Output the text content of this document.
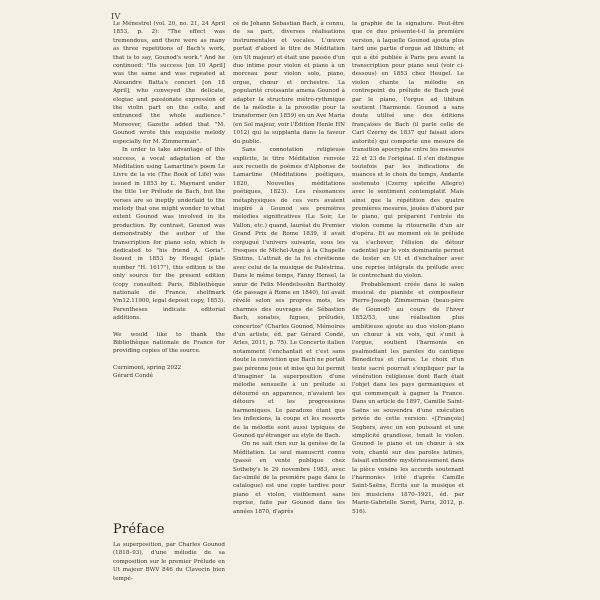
IV

Le Ménestrel (vol. 20, no. 21, 24 April 1853, p. 2): "The effect was tremendous, and there were as many as three repetitions of Bach's work, that is to say, Gounod's work." And he continued: "Its success [on 10 April] was the same and was repeated at Alexandre Batta's concert [on 18 April], who conveyed the delicate, elegiac and passionate expression of the violin part on the cello, and entranced the whole audience." Moreover, Gazette added that "M. Gounod wrote this exquisite melody especially for M. Zimmerman".

In order to take advantage of this success, a vocal adaptation of the Méditation using Lamartine's poem Le Livre de la vie (The Book of Life) was issued in 1853 by L. Maynard under the title 1er Prélude de Bach, but the verses are so ineptly underlaid to the melody that one might wonder to what extent Gounod was involved in its production. By contrast, Gounod was demonstrably the author of the transcription for piano solo, which is dedicated to "his friend A. Goria". Issued in 1853 by Heugel (plate number "H. 1617"), this edition is the only source for the present edition (copy consulted: Paris, Bibliothèque nationale de France, shelfmark Vm12.11900, legal deposit copy, 1853). Parentheses indicate editorial additions.

We would like to thank the Bibliothèque nationale de France for providing copies of the source.

Curnimont, spring 2022

Gérard Condé

cé de Johann Sebastian Bach, à connu, de sa part, diverses réalisations instrumentales et vocales. L'œuvre portait d'abord le titre de Méditation (en Ut majeur) et était une passée d'un duo intime pour violon et piano à un morceau pour violon solo, piano, orgue, chœur et orchestre. La popularité croissante amena Gounod à adapter la structure métro-rythmique de la mélodie à la prosodie pour la transformer (en 1859) en un Ave Maria (en Sol majeur, voir l'Édition Henle HN 1012) qui la supplanta dans la faveur du public.

Sans connotation religieuse explicite, le titre Méditation renvoie aux recueils de poèmes d'Alphonse de Lamartine (Méditations poétiques, 1820, Nouvelles méditations poétiques, 1823). Les résonances métaphysiques de ces vers avaient inspiré à Gounod ses premières mélodies significatives (Le Soir, Le Vallon, etc.) quand, lauréat du Premier Grand Prix de Rome 1839, il avait conjugué l'univers suivante, sous les fresques de Michel-Ange à la Chapelle Sixtine. L'attrait de la foi chrétienne avec celui de la musique de Palestrina. Dans le même temps, Fanny Hensel, la sœur de Felix Mendelssohn Bartholdy (de passage à Rome en 1840), lui avait révélé selon ses propres mots, les charmes des ouvrages de Sébastien Bach, sonates, fugues, préludes, concertos" (Charles Gounod, Mémoires d'un artiste, éd. par Gérard Condé, Arles, 2011, p. 75). Le Concerto italien notamment l'enchantait et c'est sans doute la conviction que Bach ne portait pas pérenne joue et mise qui lui permit d'imaginer la superposition d'une mélodie sensuelle à un prélude si détourné en apparence, n'avaient les détours et les progressions harmoniques. Le paradoxe étant que les inflexions, la coupe et les ressorts de la mélodie sont aussi typiques de Gounod qu'étranger au style de Bach.

On ne sait rien sur la genèse de la Méditation. Le seul manuscrit connu (passé en vente publique chez Sotheby's le 29 novembre 1983, avec fac-similé de la première page dans le catalogue) est une copie tardive pour piano et violon, visiblement sans reprise, faite par Gounod dans les années 1870, d'après

la graphie de la signature. Peut-être que ce duo présente-t-il la première version, à laquelle Gounod ajouta plus tard une partie d'orgue ad libitum; et qui a été publiée à Paris peu avant la transcription pour piano seul (voir ci-dessous) en 1853 chez Heugel. Le violon chante la mélodie en contrepoint du prélude de Bach joué par le piano, l'orgue ad libitum soutient l'harmonie. Gounod a sans doute utilisé une des éditions françaises de Bach (il parle celle de Carl Czerny de 1837 qui faisait alors autorité) qui comporte une mesure de transition apocryphe entre les mesures 22 et 23 de l'original. Il s'en distingue toutefois par les indications de nuances et le choix du temps, Andante sostenuto (Czerny spécifie Allegro) avec le sentiment contemplatif. Mais ainsi que la répétition des quatre premières mesures, jouées d'abord par le piano, qui préparent l'entrée du violon comme la ritournelle d'un air d'opéra. Et au moment où le prélude va s'achever, l'élision du détour cadentiel par le voix dominante permet de tester en Ut et d'enchaîner avec une reprise intégrale du prélude avec le contrechant du violon.

Probablement créée dans le salon musical du pianiste et compositeur Pierre-Joseph Zimmerman (beau-père de Gounod) au cours de l'hiver 1852/53, une réalisation plus ambitieuse ajoute au duo violon-piano un chœur à six voix, qui s'unit à l'orgue, soutient l'harmonie en psalmodiant les paroles du cantique Benedictus et clarus. Le choix d'un texte sacré pourrait s'expliquer par la vénération religieuse dont Bach était l'objet dans les pays germaniques et qui commençait à gagner la France. Dans un article de 1897, Camille Saint-Saëns se souvendra d'une exécution privée de cette version: «[François] Seghers, avec un son puissant et une simplicité grandiose, tenait le violon. Gounod le piano et un chœur à six voix, chanté sur des paroles latines, faisait entendre mystérieusement dans la pièce voisine les accords soutenant l'harmonie» (cité d'après Camille Saint-Saëns, Écrits sur la musique et les musiciens 1870–1921, éd. par Marie-Gabrielle Soret, Paris, 2012, p. 516).

Préface
La superposition, par Charles Gounod (1818–93), d'une mélodie de sa composition sur le premier Prélude en Ut majeur BWV 846 du Clavecin bien tempé-
